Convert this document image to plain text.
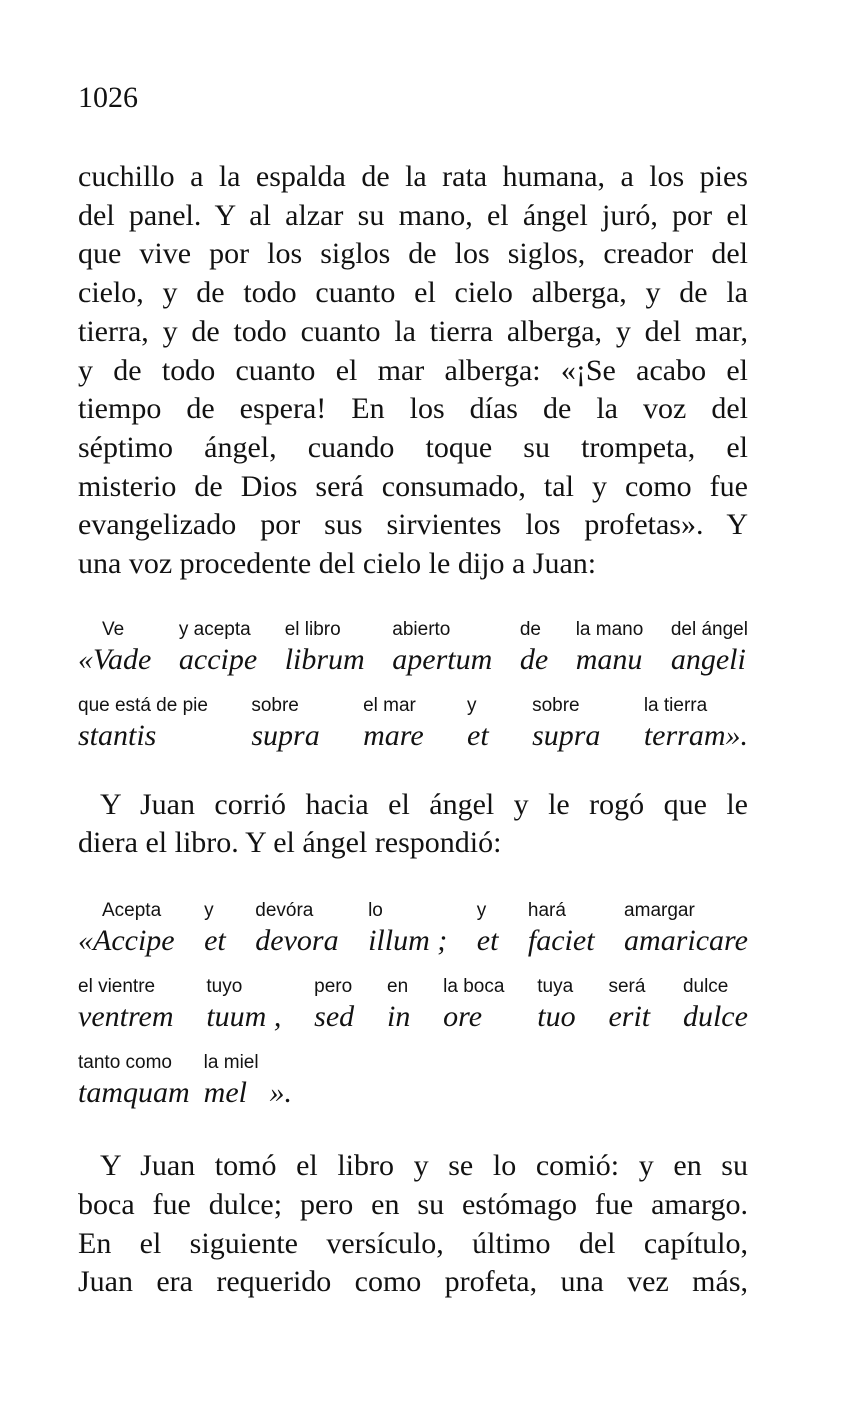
1026
cuchillo a la espalda de la rata humana, a los pies
del panel. Y al alzar su mano, el ángel juró, por el
que vive por los siglos de los siglos, creador del
cielo, y de todo cuanto el cielo alberga, y de la
tierra, y de todo cuanto la tierra alberga, y del mar,
y de todo cuanto el mar alberga: «¡Se acabo el
tiempo de espera! En los días de la voz del
séptimo ángel, cuando toque su trompeta, el
misterio de Dios será consumado, tal y como fue
evangelizado por sus sirvientes los profetas». Y
una voz procedente del cielo le dijo a Juan:
Ve
«Vade
y acepta
accipe
el libro
librum
abierto
apertum
de
de
la mano
manu
del ángel
angeli
que está de pie
stantis
sobre
supra
el mar
mare
y
et
sobre
supra
la tierra
terram».
Y Juan corrió hacia el ángel y le rogó que le
diera el libro. Y el ángel respondió:
Acepta
«Accipe
y
et
devóra
devora
lo
illum ;
y
et
hará
faciet
amargar
amaricare
el vientre
ventrem
tuyo
tuum ,
pero
sed
en
in
la boca
ore
tuya
tuo
será
erit
dulce
dulce
tanto como
tamquam
la miel
mel   ».
Y Juan tomó el libro y se lo comió: y en su
boca fue dulce; pero en su estómago fue amargo.
En el siguiente versículo, último del capítulo,
Juan era requerido como profeta, una vez más,
